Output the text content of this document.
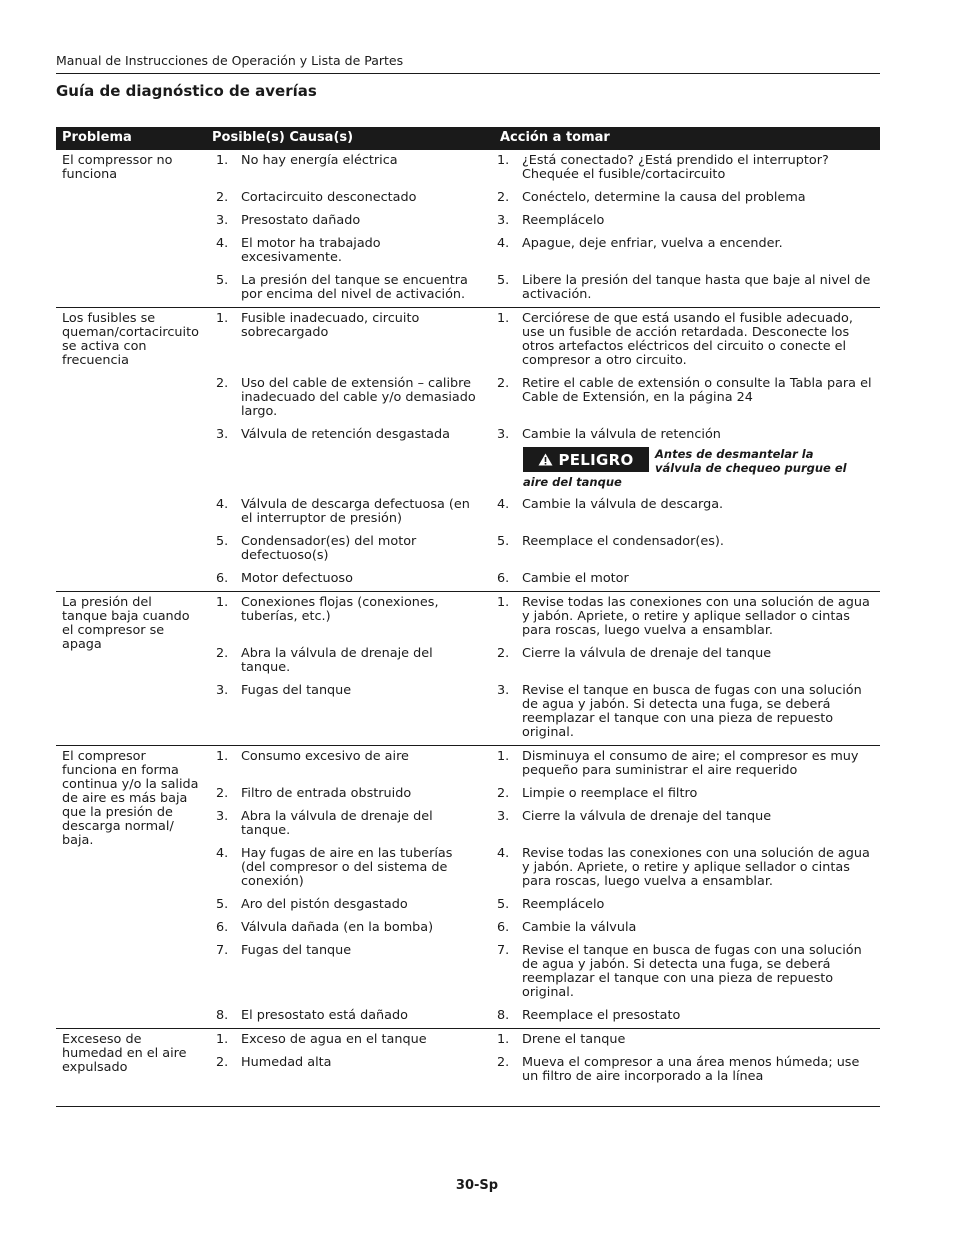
Manual de Instrucciones de Operación y Lista de Partes
Guía de diagnóstico de averías
Problema	Posible(s) Causa(s)	Acción a tomar
El compressor no funciona	1. No hay energía eléctrica	1. ¿Está conectado? ¿Está prendido el interruptor? Chequée el fusible/cortacircuito

	2. Cortacircuito desconectado	2. Conéctelo, determine la causa del problema

	3. Presostato dañado	3. Reemplácelo

	4. El motor ha trabajado excesivamente.	4. Apague, deje enfriar, vuelva a encender.

	5. La presión del tanque se encuentra por encima del nivel de activación.	5. Libere la presión del tanque hasta que baje al nivel de activación.

Los fusibles se queman/cortacircuito se activa con frecuencia	1. Fusible inadecuado, circuito sobrecargado	1. Cerciórese de que está usando el fusible adecuado, use un fusible de acción retardada. Desconecte los otros artefactos eléctricos del circuito o conecte el compresor a otro circuito.

	2. Uso del cable de extensión – calibre inadecuado del cable y/o demasiado largo.	2. Retire el cable de extensión o consulte la Tabla para el Cable de Extensión, en la página 24

	3. Válvula de retención desgastada	3. Cambie la válvula de retención

		PELIGRO Antes de desmantelar la
válvula de chequeo purgue el
aire del tanque

	4. Válvula de descarga defectuosa (en el interruptor de presión)	4. Cambie la válvula de descarga.

	5. Condensador(es) del motor defectuoso(s)	5. Reemplace el condensador(es).

	6. Motor defectuoso	6. Cambie el motor

La presión del tanque baja cuando el compresor se apaga	1. Conexiones flojas (conexiones, tuberías, etc.)	1. Revise todas las conexiones con una solución de agua y jabón. Apriete, o retire y aplique sellador o cintas para roscas, luego vuelva a ensamblar.

	2. Abra la válvula de drenaje del tanque.	2. Cierre la válvula de drenaje del tanque

	3. Fugas del tanque	3. Revise el tanque en busca de fugas con una solución de agua y jabón. Si detecta una fuga, se deberá reemplazar el tanque con una pieza de repuesto original.

El compresor funciona en forma continua y/o la salida de aire es más baja que la presión de descarga normal/ baja.	1. Consumo excesivo de aire	1. Disminuya el consumo de aire; el compresor es muy pequeño para suministrar el aire requerido

	2. Filtro de entrada obstruido	2. Limpie o reemplace el filtro

	3. Abra la válvula de drenaje del tanque.	3. Cierre la válvula de drenaje del tanque

	4. Hay fugas de aire en las tuberías (del compresor o del sistema de conexión)	4. Revise todas las conexiones con una solución de agua y jabón. Apriete, o retire y aplique sellador o cintas para roscas, luego vuelva a ensamblar.

	5. Aro del pistón desgastado	5. Reemplácelo

	6. Válvula dañada (en la bomba)	6. Cambie la válvula

	7. Fugas del tanque	7. Revise el tanque en busca de fugas con una solución de agua y jabón. Si detecta una fuga, se deberá reemplazar el tanque con una pieza de repuesto original.

	8. El presostato está dañado	8. Reemplace el presostato

Exceseso de humedad en el aire expulsado	1. Exceso de agua en el tanque	1. Drene el tanque

	2. Humedad alta	2. Mueva el compresor a una área menos húmeda; use un filtro de aire incorporado a la línea
30-Sp
